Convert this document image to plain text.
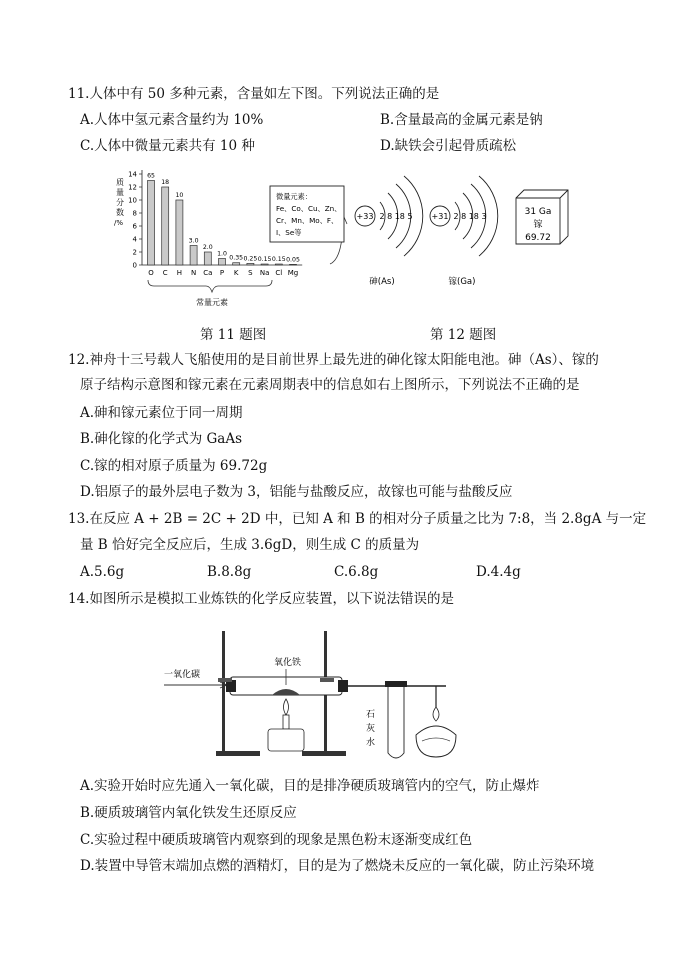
11.人体中有 50 多种元素，含量如左下图。下列说法正确的是
A.人体中氢元素含量约为 10%	B.含量最高的金属元素是钠
C.人体中微量元素共有 10 种	D.缺铁会引起骨质疏松
质
量
分
数
/%
14
12
10
8
6
4
2
0
65
O
18
C
10
H
3.0
N
2.0
Ca
1.0
P
0.35
K
0.25
S
0.15
Na
0.15
Cl
0.05
Mg
常量元素
微量元素：
Fe、Co、Cu、Zn、
Cr、Mn、Mo、F、
I、Se等
+33 2 8 18 5
砷(As)
+31 2 8 18 3
镓(Ga)
31 Ga
镓
69.72
第 11 题图	第 12 题图
12.神舟十三号载人飞船使用的是目前世界上最先进的砷化镓太阳能电池。砷（As）、镓的
原子结构示意图和镓元素在元素周期表中的信息如右上图所示，下列说法不正确的是
A.砷和镓元素位于同一周期
B.砷化镓的化学式为 GaAs
C.镓的相对原子质量为 69.72g
D.铝原子的最外层电子数为 3，铝能与盐酸反应，故镓也可能与盐酸反应
13.在反应 A + 2B = 2C + 2D 中，已知 A 和 B 的相对分子质量之比为 7:8，当 2.8gA 与一定
量 B 恰好完全反应后，生成 3.6gD，则生成 C 的质量为
A.5.6g	B.8.8g	C.6.8g	D.4.4g
14.如图所示是模拟工业炼铁的化学反应装置，以下说法错误的是
一氧化碳
氧化铁
石
灰
水
A.实验开始时应先通入一氧化碳，目的是排净硬质玻璃管内的空气，防止爆炸
B.硬质玻璃管内氧化铁发生还原反应
C.实验过程中硬质玻璃管内观察到的现象是黑色粉末逐渐变成红色
D.装置中导管末端加点燃的酒精灯，目的是为了燃烧未反应的一氧化碳，防止污染环境
